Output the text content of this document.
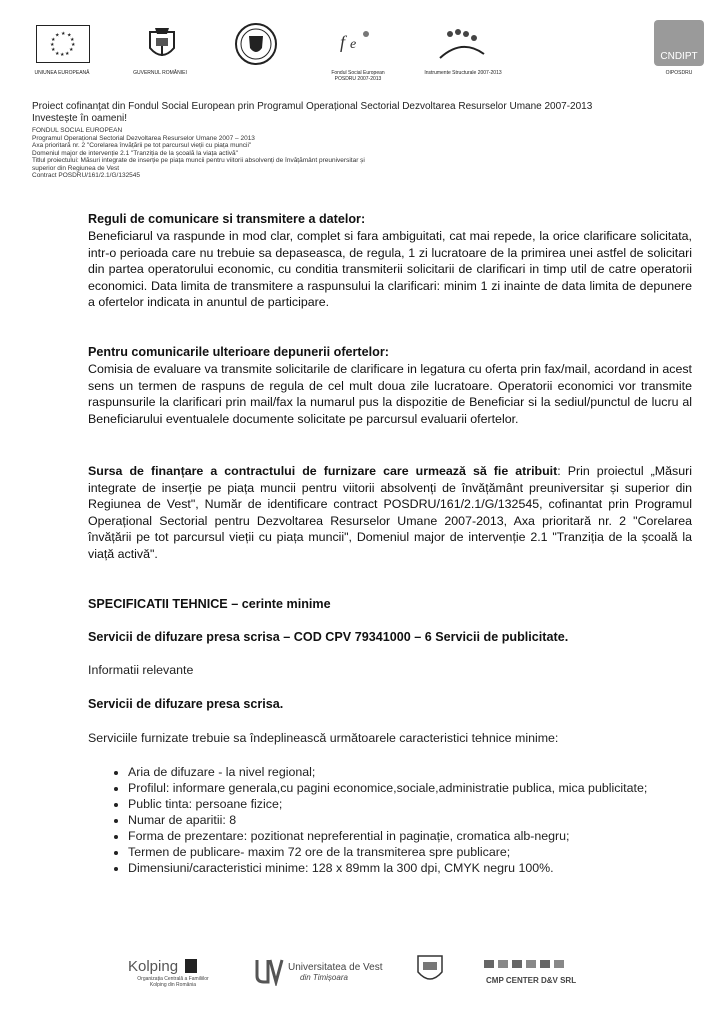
★ ★
★
★
★
★
★
★
★
★
★
★
UNIUNEA EUROPEANĂ	GUVERNUL ROMÂNIEI
f e
Fondul Social European POSDRU 2007-2013
Instrumente Structurale 2007-2013
CNDIPT
OIPOSDRU
Proiect cofinanțat din Fondul Social European prin Programul Operațional Sectorial Dezvoltarea Resurselor Umane 2007-2013
Investește în oameni!
FONDUL SOCIAL EUROPEAN
Programul Operațional Sectorial Dezvoltarea Resurselor Umane 2007 – 2013
Axa prioritară nr. 2 "Corelarea învățării pe tot parcursul vieții cu piața muncii"
Domeniul major de intervenție 2.1 "Tranziția de la școală la viața activă"
Titlul proiectului: Măsuri integrate de inserție pe piața muncii pentru viitorii absolvenți de învățământ preuniversitar și
superior din Regiunea de Vest
Contract POSDRU/161/2.1/G/132545
Reguli de comunicare si transmitere a datelor:
Beneficiarul va raspunde in mod clar, complet si fara ambiguitati, cat mai repede, la orice clarificare solicitata, intr-o perioada care nu trebuie sa depaseasca, de regula, 1 zi lucratoare de la primirea unei astfel de solicitari din partea operatorului economic, cu conditia transmiterii solicitarii de clarificari in timp util de catre operatorii economici. Data limita de transmitere a raspunsului la clarificari: minim 1 zi inainte de data limita de depunere a ofertelor indicata in anuntul de participare.
Pentru comunicarile ulterioare depunerii ofertelor:
Comisia de evaluare va transmite solicitarile de clarificare in legatura cu oferta prin fax/mail, acordand in acest sens un termen de raspuns de regula de cel mult doua zile lucratoare. Operatorii economici vor transmite raspunsurile la clarificari prin mail/fax la numarul pus la dispozitie de Beneficiar si la sediul/punctul de lucru al Beneficiarului eventualele documente solicitate pe parcursul evaluarii ofertelor.
Sursa de finanțare a contractului de furnizare care urmează să fie atribuit: Prin proiectul „Măsuri integrate de inserție pe piața muncii pentru viitorii absolvenți de învățământ preuniversitar și superior din Regiunea de Vest", Număr de identificare contract POSDRU/161/2.1/G/132545, cofinantat prin Programul Operațional Sectorial pentru Dezvoltarea Resurselor Umane 2007-2013, Axa prioritară nr. 2 "Corelarea învățării pe tot parcursul vieții cu piața muncii", Domeniul major de intervenție 2.1 "Tranziția de la școală la viață activă".
SPECIFICATII TEHNICE – cerinte minime
Servicii de difuzare presa scrisa – COD CPV 79341000 – 6 Servicii de publicitate.
Informatii relevante
Servicii de difuzare presa scrisa.
Serviciile furnizate trebuie sa îndeplinească următoarele caracteristici tehnice minime:
• Aria de difuzare - la nivel regional;
• Profilul: informare generala,cu pagini economice,sociale,administratie publica, mica publicitate;
• Public tinta: persoane fizice;
• Numar de aparitii: 8
• Forma de prezentare: pozitionat nepreferential in paginație, cromatica alb-negru;
• Termen de publicare- maxim 72 ore de la transmiterea spre publicare;
• Dimensiuni/caracteristici minime: 128 x 89mm la 300 dpi, CMYK negru 100%.
Kolping
Organizația Centrală a Familiilor
Kolping din România
Universitatea de Vest
din Timișoara	CMP CENTER D&V SRL
